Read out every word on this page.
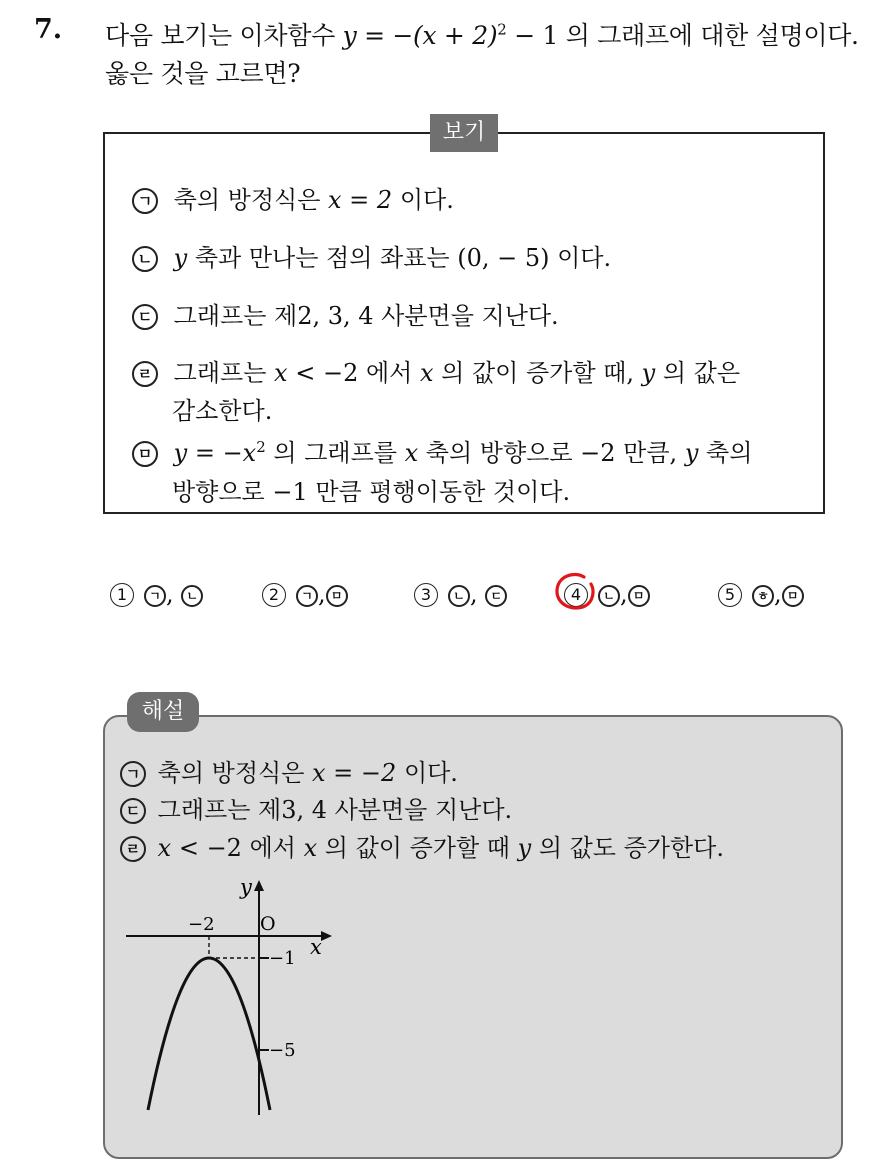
7. 다음 보기는 이차함수 $y = -(x + 2)^2 - 1$ 의 그래프에 대한 설명이다.
옳은 것을 고르면?
보기
ㄱ 축의 방정식은 x = 2 이다.
ㄴ y 축과 만나는 점의 좌표는 (0, − 5) 이다.
ㄷ 그래프는 제2, 3, 4 사분면을 지난다.
ㄹ 그래프는 x < −2 에서 x 의 값이 증가할 때, y 의 값은
감소한다.
ㅁ $y = -x^2$ 의 그래프를 x 축의 방향으로 −2 만큼, y 축의
방향으로 −1 만큼 평행이동한 것이다.
1 ㄱ , ㄴ	2 ㄱ , ㅁ	3 ㄴ , ㄷ	4 ㄴ , ㅁ	5 ㅎ , ㅁ
해설
ㄱ 축의 방정식은 x = −2 이다.
ㄷ 그래프는 제3, 4 사분면을 지난다.
ㄹ x < −2 에서 x 의 값이 증가할 때 y 의 값도 증가한다.
y
x
O
−2
−1
−5
